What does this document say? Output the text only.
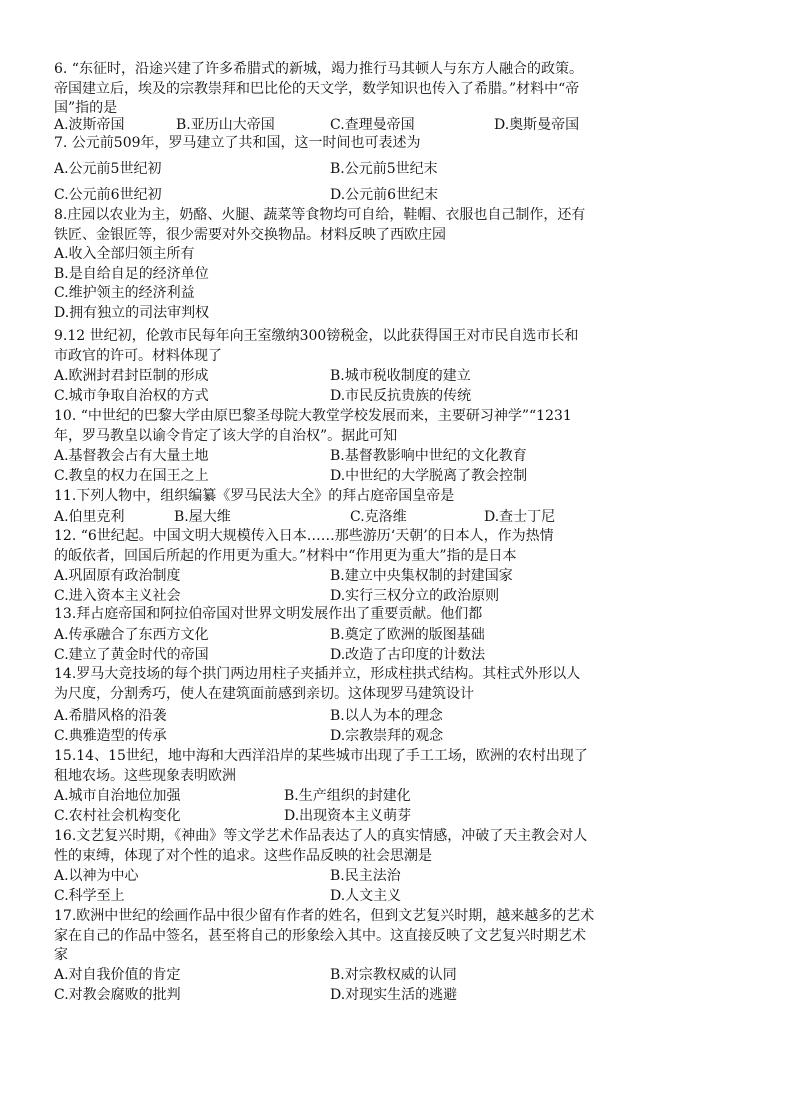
6. “东征时，沿途兴建了许多希腊式的新城，竭力推行马其顿人与东方人融合的政策。
帝国建立后，埃及的宗教崇拜和巴比伦的天文学，数学知识也传入了希腊。”材料中“帝
国”指的是
A.波斯帝国	B.亚历山大帝国	C.查理曼帝国	D.奥斯曼帝国
7. 公元前509年，罗马建立了共和国，这一时间也可表述为
A.公元前5世纪初	B.公元前5世纪末
C.公元前6世纪初	D.公元前6世纪末
8.庄园以农业为主，奶酪、火腿、蔬菜等食物均可自给，鞋帽、衣服也自己制作，还有
铁匠、金银匠等，很少需要对外交换物品。材料反映了西欧庄园
A.收入全部归领主所有
B.是自给自足的经济单位
C.维护领主的经济利益
D.拥有独立的司法审判权
9.12 世纪初，伦敦市民每年向王室缴纳300镑税金，以此获得国王对市民自选市长和
市政官的许可。材料体现了
A.欧洲封君封臣制的形成	B.城市税收制度的建立
C.城市争取自治权的方式	D.市民反抗贵族的传统
10. “中世纪的巴黎大学由原巴黎圣母院大教堂学校发展而来，主要研习神学”“1231
年，罗马教皇以谕令肯定了该大学的自治权”。据此可知
A.基督教会占有大量土地	B.基督教影响中世纪的文化教育
C.教皇的权力在国王之上	D.中世纪的大学脱离了教会控制
11.下列人物中，组织编纂《罗马民法大全》的拜占庭帝国皇帝是
A.伯里克利	B.屋大维	C.克洛维	D.查士丁尼
12. “6世纪起。中国文明大规模传入日本……那些游历‘天朝’的日本人，作为热情
的皈依者，回国后所起的作用更为重大。”材料中“作用更为重大”指的是日本
A.巩固原有政治制度	B.建立中央集权制的封建国家
C.进入资本主义社会	D.实行三权分立的政治原则
13.拜占庭帝国和阿拉伯帝国对世界文明发展作出了重要贡献。他们都
A.传承融合了东西方文化	B.奠定了欧洲的版图基础
C.建立了黄金时代的帝国	D.改造了古印度的计数法
14.罗马大竞技场的每个拱门两边用柱子夹插并立，形成柱拱式结构。其柱式外形以人
为尺度，分割秀巧，使人在建筑面前感到亲切。这体现罗马建筑设计
A.希腊风格的沿袭	B.以人为本的理念
C.典雅造型的传承	D.宗教崇拜的观念
15.14、15世纪，地中海和大西洋沿岸的某些城市出现了手工工场，欧洲的农村出现了
租地农场。这些现象表明欧洲
A.城市自治地位加强	B.生产组织的封建化
C.农村社会机构变化	D.出现资本主义萌芽
16.文艺复兴时期，《神曲》等文学艺术作品表达了人的真实情感，冲破了天主教会对人
性的束缚，体现了对个性的追求。这些作品反映的社会思潮是
A.以神为中心	B.民主法治
C.科学至上	D.人文主义
17.欧洲中世纪的绘画作品中很少留有作者的姓名，但到文艺复兴时期，越来越多的艺术
家在自己的作品中签名，甚至将自己的形象绘入其中。这直接反映了文艺复兴时期艺术
家
A.对自我价值的肯定	B.对宗教权威的认同
C.对教会腐败的批判	D.对现实生活的逃避
